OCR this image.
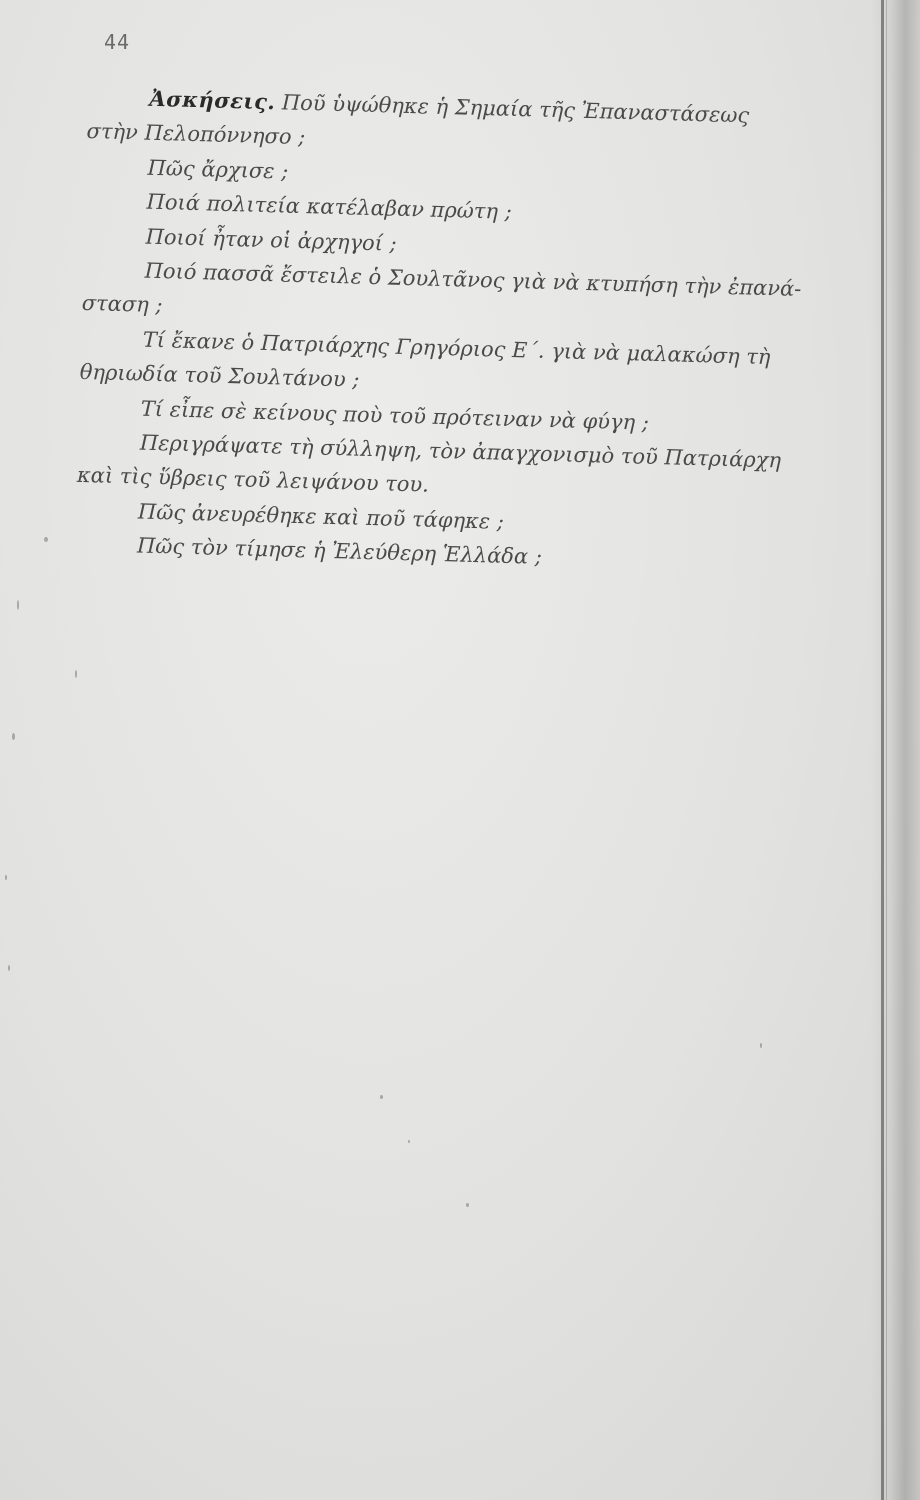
44
Ἀσκήσεις. Ποῦ ὑψώθηκε ἡ Σημαία τῆς Ἐπαναστάσεως
στὴν Πελοπόννησο ;
Πῶς ἄρχισε ;
Ποιά πολιτεία κατέλαβαν πρώτη ;
Ποιοί ἦταν οἱ ἀρχηγοί ;
Ποιό πασσᾶ ἔστειλε ὁ Σουλτᾶνος γιὰ νὰ κτυπήση τὴν ἐπανά-
σταση ;
Τί ἔκανε ὁ Πατριάρχης Γρηγόριος Ε΄. γιὰ νὰ μαλακώση τὴ
θηριωδία τοῦ Σουλτάνου ;
Τί εἶπε σὲ κείνους ποὺ τοῦ πρότειναν νὰ φύγη ;
Περιγράψατε τὴ σύλληψη, τὸν ἀπαγχονισμὸ τοῦ Πατριάρχη
καὶ τὶς ὕβρεις τοῦ λειψάνου του.
Πῶς ἀνευρέθηκε καὶ ποῦ τάφηκε ;
Πῶς τὸν τίμησε ἡ Ἐλεύθερη Ἑλλάδα ;
